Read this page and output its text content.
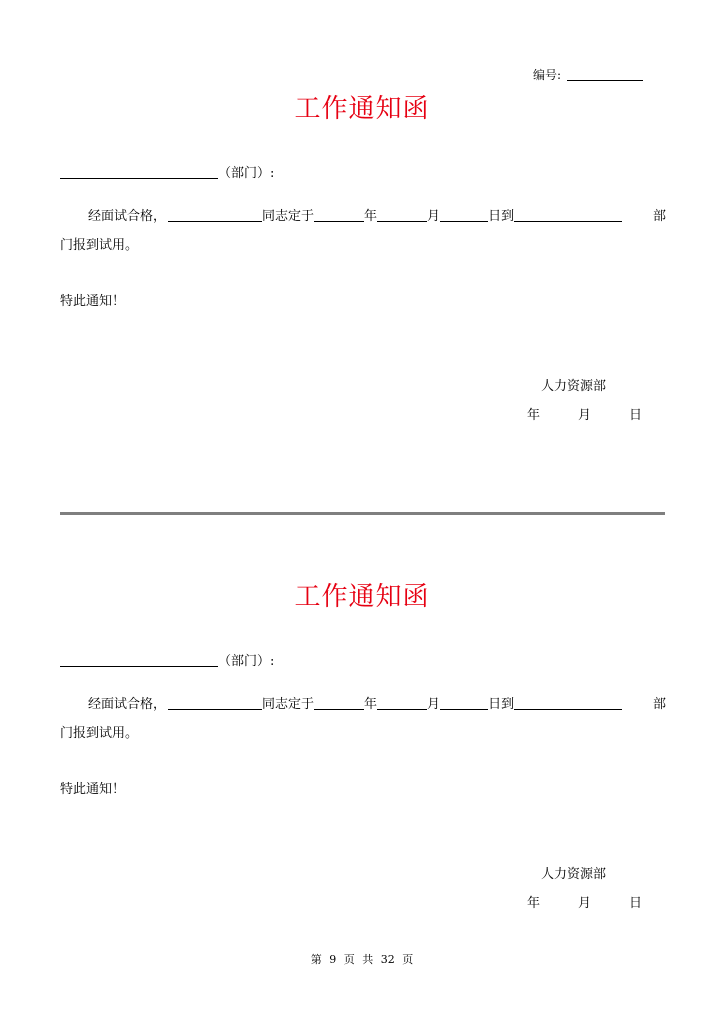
编号:
工作通知函
（部门）:
经面试合格，	同志定于	年	月	日到	部
门报到试用。
特此通知！
人力资源部
年	月	日
工作通知函
（部门）:
经面试合格，	同志定于	年	月	日到	部
门报到试用。
特此通知！
人力资源部
年	月	日
第 9 页 共 32 页
